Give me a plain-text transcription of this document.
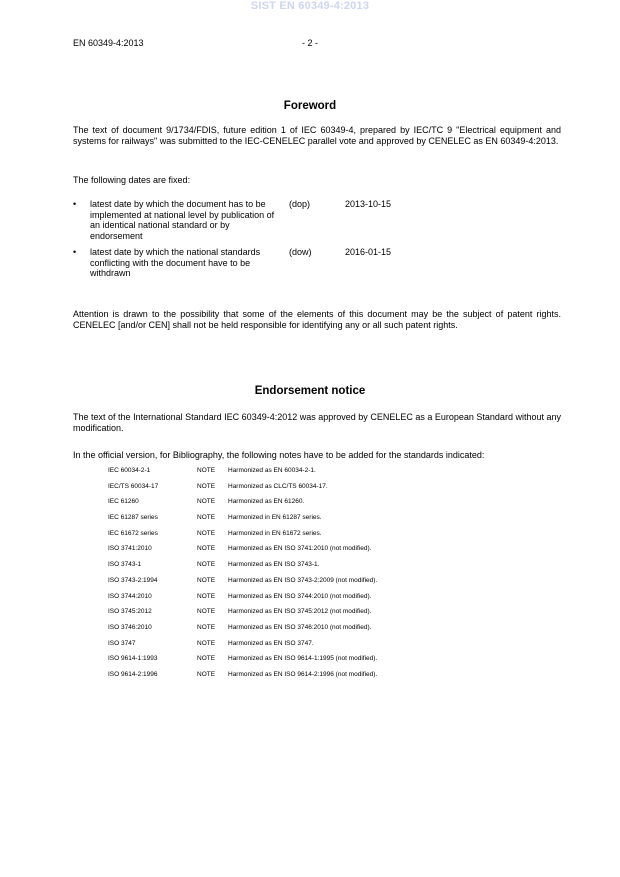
SIST EN 60349-4:2013
EN 60349-4:2013	- 2 -
Foreword

The text of document 9/1734/FDIS, future edition 1 of IEC 60349-4, prepared by IEC/TC 9 "Electrical equipment and systems for railways" was submitted to the IEC-CENELEC parallel vote and approved by CENELEC as EN 60349-4:2013.

The following dates are fixed:

• latest date by which the document has to be implemented at national level by publication of an identical national standard or by endorsement
(dop)	2013-10-15
• latest date by which the national standards conflicting with the document have to be withdrawn
(dow)	2016-01-15

Attention is drawn to the possibility that some of the elements of this document may be the subject of patent rights. CENELEC [and/or CEN] shall not be held responsible for identifying any or all such patent rights.

Endorsement notice

The text of the International Standard IEC 60349-4:2012 was approved by CENELEC as a European Standard without any modification.

In the official version, for Bibliography, the following notes have to be added for the standards indicated:

IEC 60034-2-1	NOTE Harmonized as EN 60034-2-1.
IEC/TS 60034-17	NOTE Harmonized as CLC/TS 60034-17.
IEC 61260	NOTE Harmonized as EN 61260.
IEC 61287 series	NOTE Harmonized in EN 61287 series.
IEC 61672 series	NOTE Harmonized in EN 61672 series.
ISO 3741:2010	NOTE Harmonized as EN ISO 3741:2010 (not modified).
ISO 3743-1	NOTE Harmonized as EN ISO 3743-1.
ISO 3743-2:1994	NOTE Harmonized as EN ISO 3743-2:2009 (not modified).
ISO 3744:2010	NOTE Harmonized as EN ISO 3744:2010 (not modified).
ISO 3745:2012	NOTE Harmonized as EN ISO 3745:2012 (not modified).
ISO 3746:2010	NOTE Harmonized as EN ISO 3746:2010 (not modified).
ISO 3747	NOTE Harmonized as EN ISO 3747.
ISO 9614-1:1993	NOTE Harmonized as EN ISO 9614-1:1995 (not modified).
ISO 9614-2:1996	NOTE Harmonized as EN ISO 9614-2:1996 (not modified).
